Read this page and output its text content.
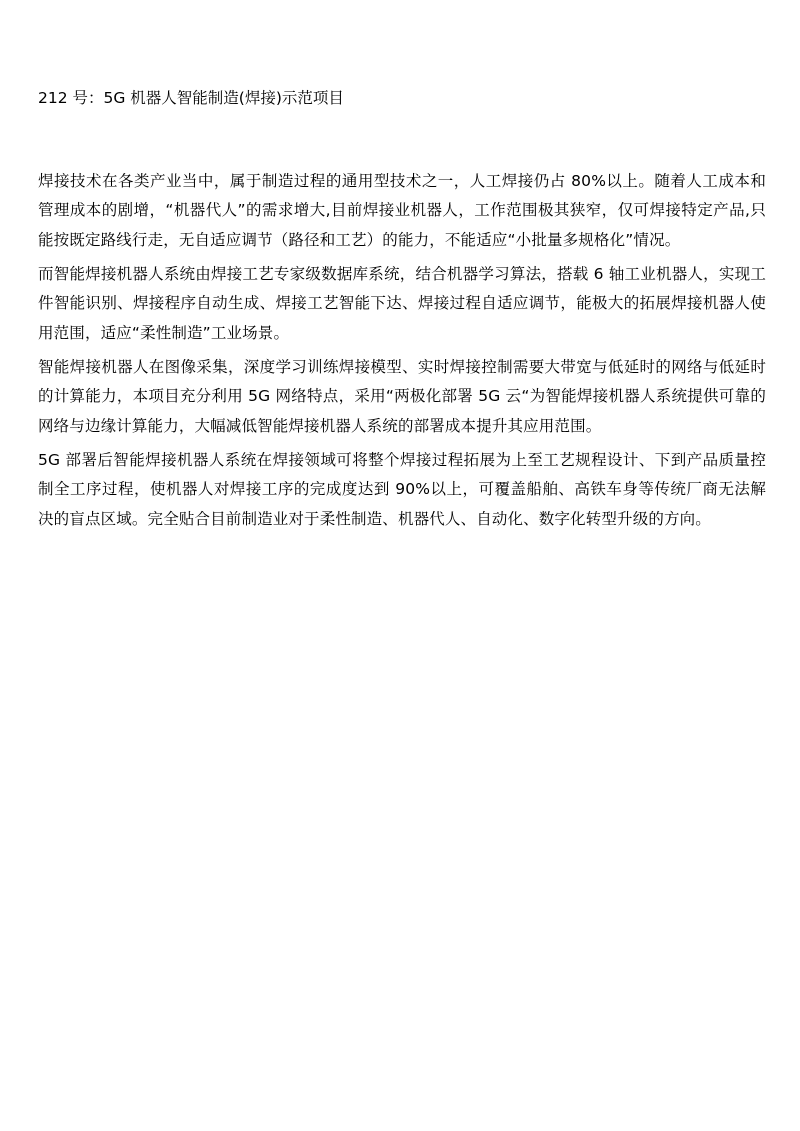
212 号：5G 机器人智能制造(焊接)示范项目

焊接技术在各类产业当中，属于制造过程的通用型技术之一，人工焊接仍占 80%以上。随着人工成本和管理成本的剧增，“机器代人”的需求增大,目前焊接业机器人，工作范围极其狭窄，仅可焊接特定产品,只能按既定路线行走，无自适应调节（路径和工艺）的能力，不能适应“小批量多规格化”情况。

而智能焊接机器人系统由焊接工艺专家级数据库系统，结合机器学习算法，搭载 6 轴工业机器人，实现工件智能识别、焊接程序自动生成、焊接工艺智能下达、焊接过程自适应调节，能极大的拓展焊接机器人使用范围，适应“柔性制造”工业场景。

智能焊接机器人在图像采集，深度学习训练焊接模型、实时焊接控制需要大带宽与低延时的网络与低延时的计算能力，本项目充分利用 5G 网络特点，采用“两极化部署 5G 云“为智能焊接机器人系统提供可靠的网络与边缘计算能力，大幅减低智能焊接机器人系统的部署成本提升其应用范围。

5G 部署后智能焊接机器人系统在焊接领域可将整个焊接过程拓展为上至工艺规程设计、下到产品质量控制全工序过程，使机器人对焊接工序的完成度达到 90%以上，可覆盖船舶、高铁车身等传统厂商无法解决的盲点区域。完全贴合目前制造业对于柔性制造、机器代人、自动化、数字化转型升级的方向。
